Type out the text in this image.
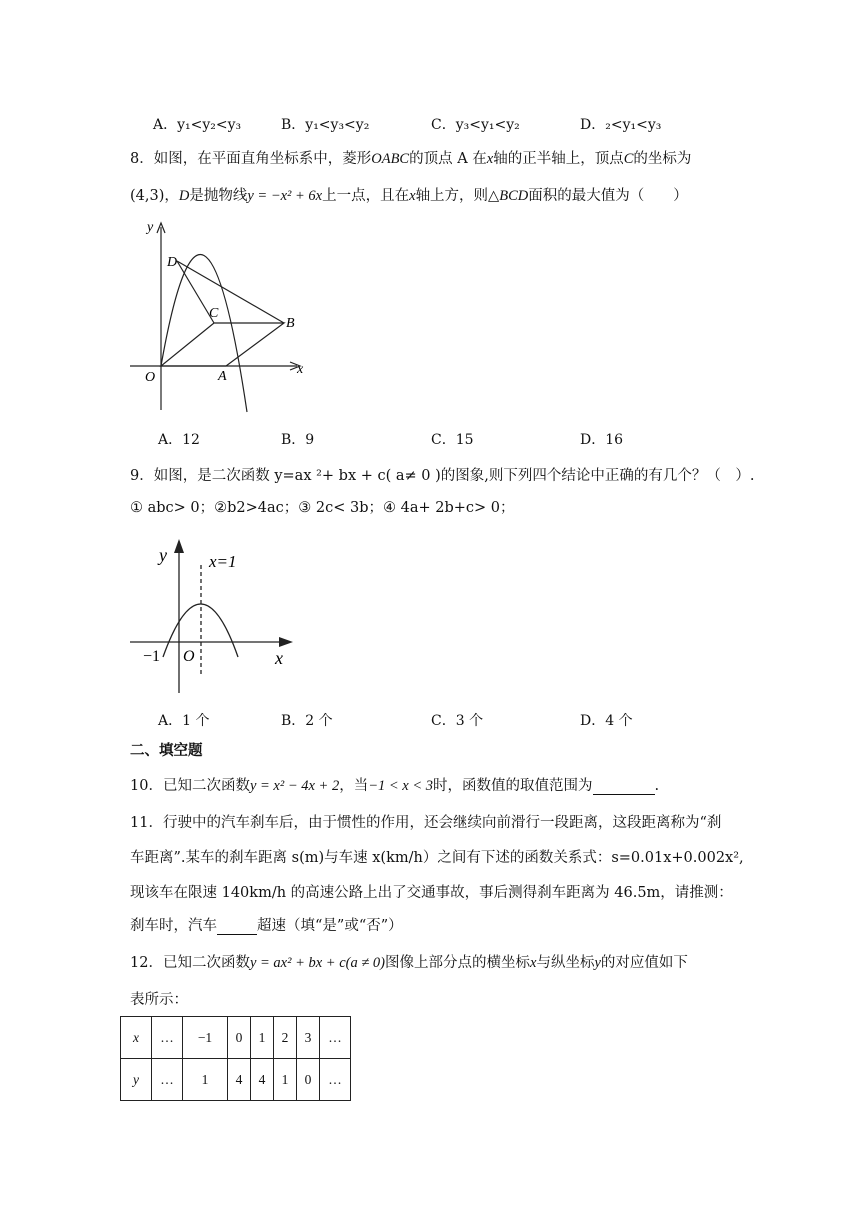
A．y₁<y₂<y₃	B．y₁<y₃<y₂	C．y₃<y₁<y₂	D．₂<y₁<y₃
8．如图，在平面直角坐标系中，菱形OABC的顶点 A 在x轴的正半轴上，顶点C的坐标为
(4,3)，D是抛物线y = −x² + 6x上一点，且在x轴上方，则△BCD面积的最大值为（　　）
y
x
D
C
B
O	A
A．12	B．9	C．15	D．16
9．如图，是二次函数 y=ax ²+ bx + c( a≠ 0 )的图象,则下列四个结论中正确的有几个？（　）.
① abc> 0；②b2>4ac；③ 2c< 3b；④ 4a+ 2b+c> 0；
y
x
x=1
−1 O
A．1 个	B．2 个	C．3 个	D．4 个
二、填空题
10．已知二次函数y = x² − 4x + 2，当−1 < x < 3时，函数值的取值范围为	.
11．行驶中的汽车刹车后，由于惯性的作用，还会继续向前滑行一段距离，这段距离称为“刹
车距离”.某车的刹车距离 s(m)与车速 x(km/h）之间有下述的函数关系式：s=0.01x+0.002x²,
现该车在限速 140km/h 的高速公路上出了交通事故，事后测得刹车距离为 46.5m，请推测：
刹车时，汽车	超速（填“是”或“否”）
12．已知二次函数y = ax² + bx + c(a ≠ 0)图像上部分点的横坐标x与纵坐标y的对应值如下
表所示：
x	…	−1	0	1	2	3	…
y	…	1	4	4	1	0	…
